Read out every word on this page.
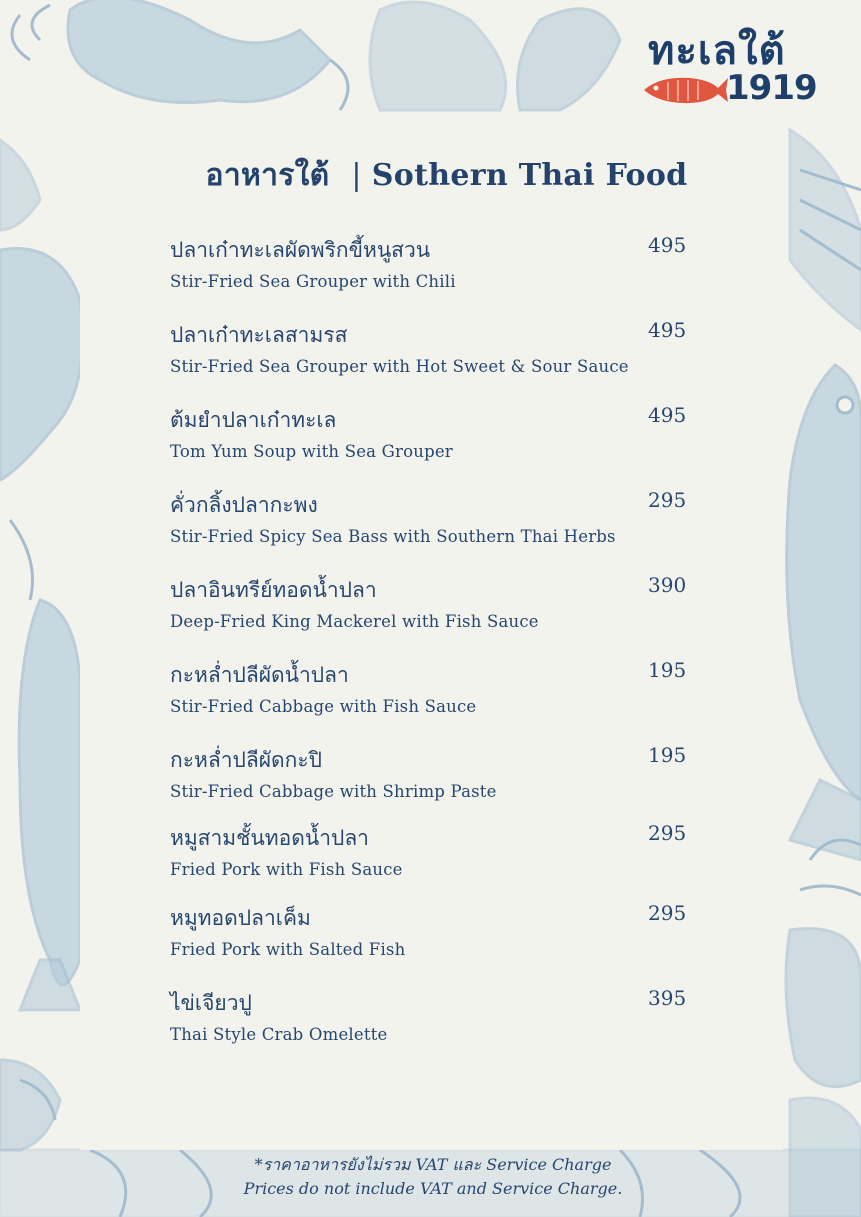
ทะเลใต้
1919
อาหารใต้ | Sothern Thai Food
ปลาเก๋าทะเลผัดพริกขี้หนูสวน
Stir-Fried Sea Grouper with Chili
495
ปลาเก๋าทะเลสามรส
Stir-Fried Sea Grouper with Hot Sweet & Sour Sauce
495
ต้มยำปลาเก๋าทะเล
Tom Yum Soup with Sea Grouper
495
คั่วกลิ้งปลากะพง
Stir-Fried Spicy Sea Bass with Southern Thai Herbs
295
ปลาอินทรีย์ทอดน้ำปลา
Deep-Fried King Mackerel with Fish Sauce
390
กะหล่ำปลีผัดน้ำปลา
Stir-Fried Cabbage with Fish Sauce
195
กะหล่ำปลีผัดกะปิ
Stir-Fried Cabbage with Shrimp Paste
195
หมูสามชั้นทอดน้ำปลา
Fried Pork with Fish Sauce
295
หมูทอดปลาเค็ม
Fried Pork with Salted Fish
295
ไข่เจียวปู
Thai Style Crab Omelette
395
*ราคาอาหารยังไม่รวม VAT และ Service Charge
Prices do not include VAT and Service Charge.
